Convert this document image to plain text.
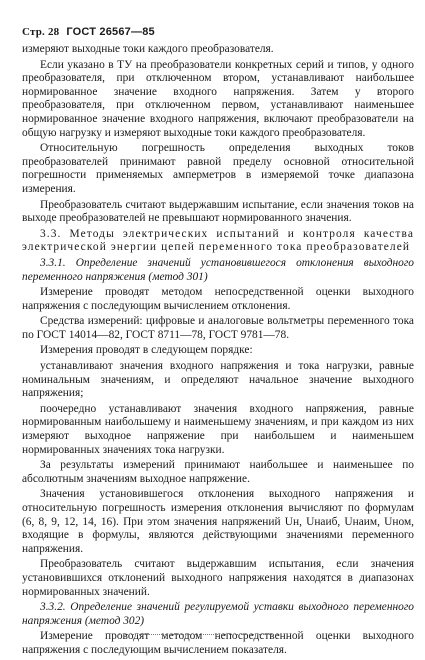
Стр. 28 ГОСТ 26567—85

измеряют выходные токи каждого преобразователя.

Если указано в ТУ на преобразователи конкретных серий и типов, у одного преобразователя, при отключенном втором, устанавливают наибольшее нормированное значение входного напряжения. Затем у второго преобразователя, при отключенном первом, устанавливают наименьшее нормированное значение входного напряжения, включают преобразователи на общую нагрузку и измеряют выходные токи каждого преобразователя.

Относительную погрешность определения выходных токов преобразователей принимают равной пределу основной относительной погрешности применяемых амперметров в измеряемой точке диапазона измерения.

Преобразователь считают выдержавшим испытание, если значения токов на выходе преобразователей не превышают нормированного значения.

3.3. Методы электрических испытаний и контроля качества электрической энергии цепей переменного тока преобразователей

3.3.1. Определение значений установившегося отклонения выходного переменного напряжения (метод 301)

Измерение проводят методом непосредственной оценки выходного напряжения с последующим вычислением отклонения.

Средства измерений: цифровые и аналоговые вольтметры переменного тока по ГОСТ 14014—82, ГОСТ 8711—78, ГОСТ 9781—78.

Измерения проводят в следующем порядке:

устанавливают значения входного напряжения и тока нагрузки, равные номинальным значениям, и определяют начальное значение выходного напряжения;

поочередно устанавливают значения входного напряжения, равные нормированным наибольшему и наименьшему значениям, и при каждом из них измеряют выходное напряжение при наибольшем и наименьшем нормированных значениях тока нагрузки.

За результаты измерений принимают наибольшее и наименьшее по абсолютным значениям выходное напряжение.

Значения установившегося отклонения выходного напряжения и относительную погрешность измерения отклонения вычисляют по формулам (6, 8, 9, 12, 14, 16). При этом значения напряжений Uн, Uнаиб, Uнаим, Uном, входящие в формулы, являются действующими значениями переменного напряжения.

Преобразователь считают выдержавшим испытания, если значения установившихся отклонений выходного напряжения находятся в диапазонах нормированных значений.

3.3.2. Определение значений регулируемой уставки выходного переменного напряжения (метод 302)

Измерение проводят методом непосредственной оценки выходного напряжения с последующим вычислением показателя.
